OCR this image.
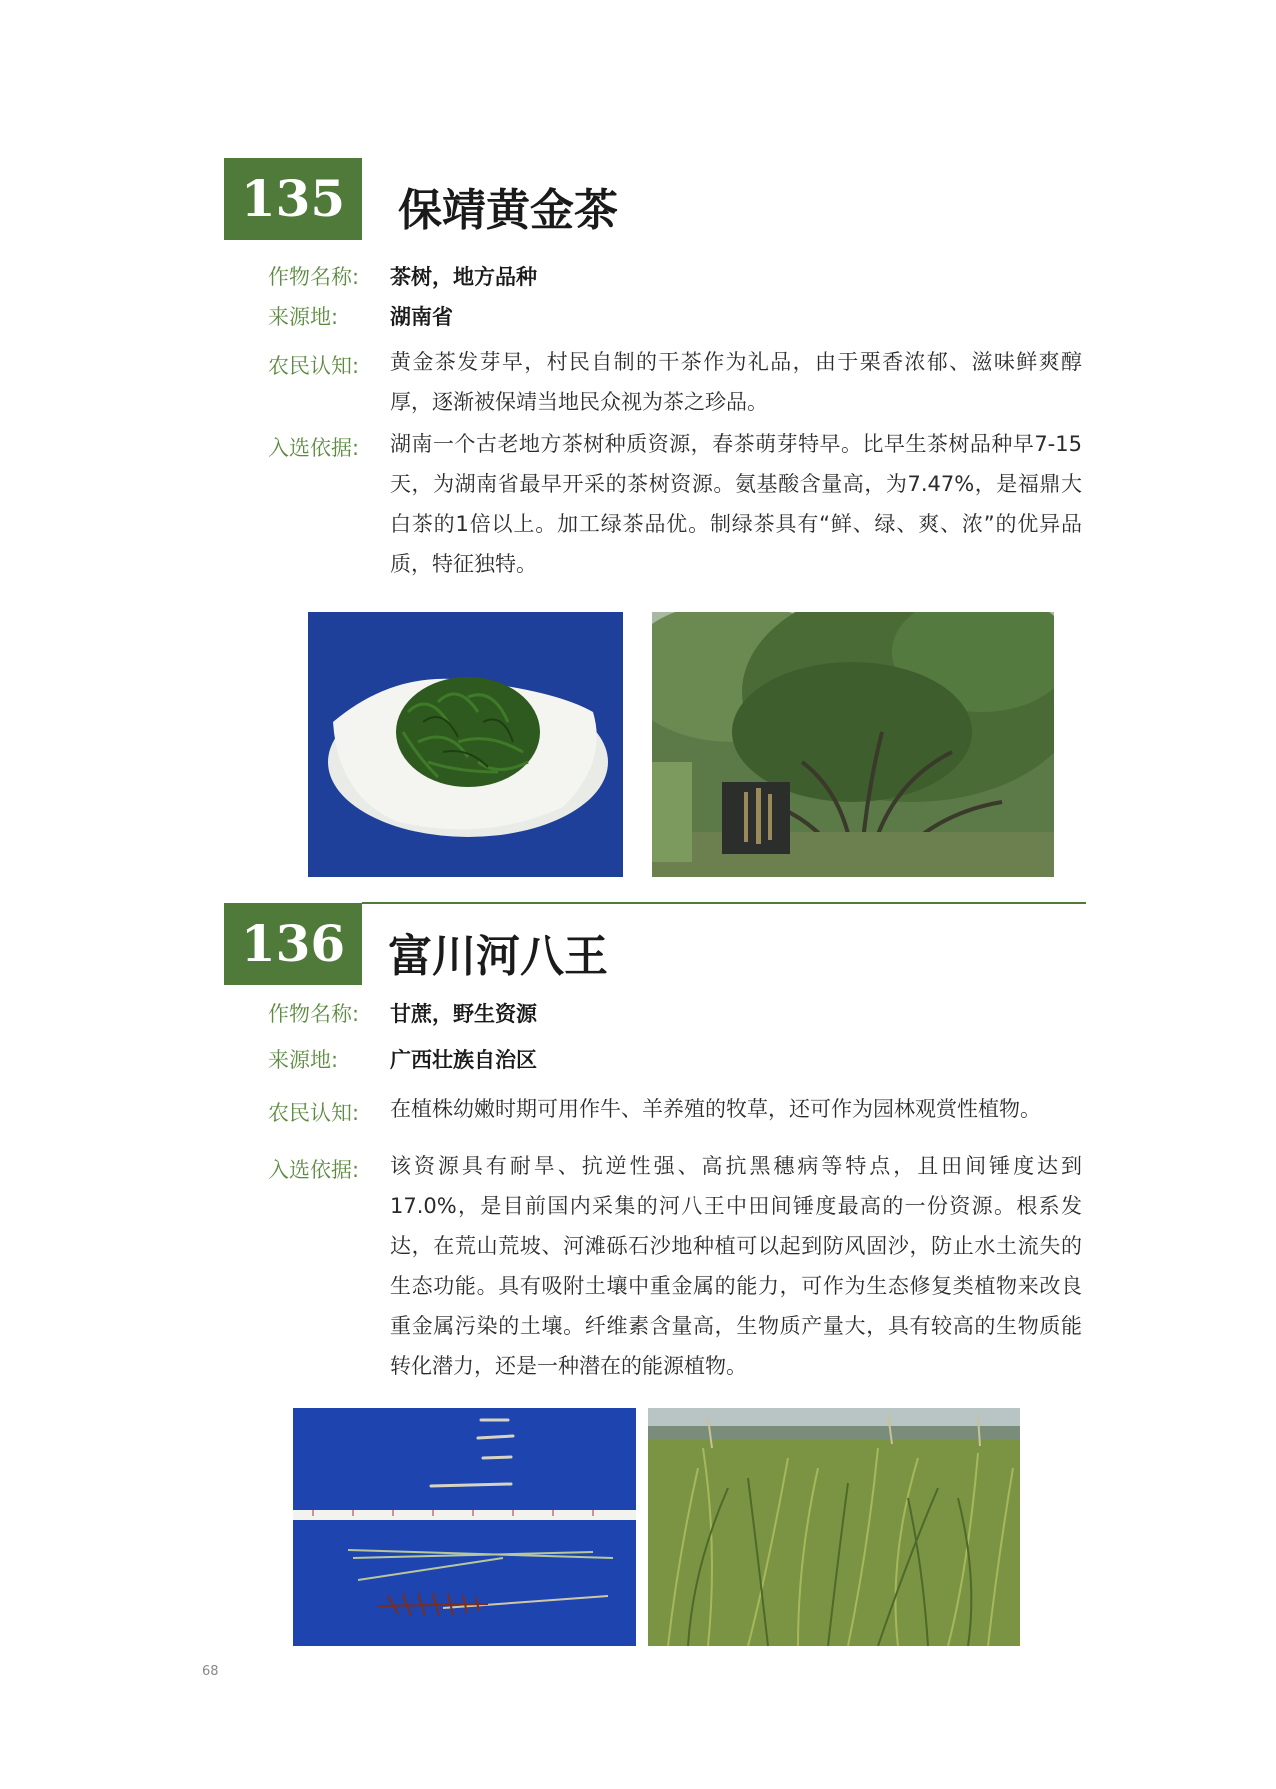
135	保靖黄金茶
作物名称: 茶树，地方品种
来源地: 湖南省
农民认知: 黄金茶发芽早，村民自制的干茶作为礼品，由于栗香浓郁、滋味鲜爽醇厚，逐渐被保靖当地民众视为茶之珍品。
入选依据: 湖南一个古老地方茶树种质资源，春茶萌芽特早。比早生茶树品种早7-15天，为湖南省最早开采的茶树资源。氨基酸含量高，为7.47%，是福鼎大白茶的1倍以上。加工绿茶品优。制绿茶具有“鲜、绿、爽、浓”的优异品质，特征独特。
136 富川河八王
作物名称: 甘蔗，野生资源
来源地: 广西壮族自治区
农民认知: 在植株幼嫩时期可用作牛、羊养殖的牧草，还可作为园林观赏性植物。
入选依据: 该资源具有耐旱、抗逆性强、高抗黑穗病等特点，且田间锤度达到17.0%，是目前国内采集的河八王中田间锤度最高的一份资源。根系发达，在荒山荒坡、河滩砾石沙地种植可以起到防风固沙，防止水土流失的生态功能。具有吸附土壤中重金属的能力，可作为生态修复类植物来改良重金属污染的土壤。纤维素含量高，生物质产量大，具有较高的生物质能转化潜力，还是一种潜在的能源植物。
68
